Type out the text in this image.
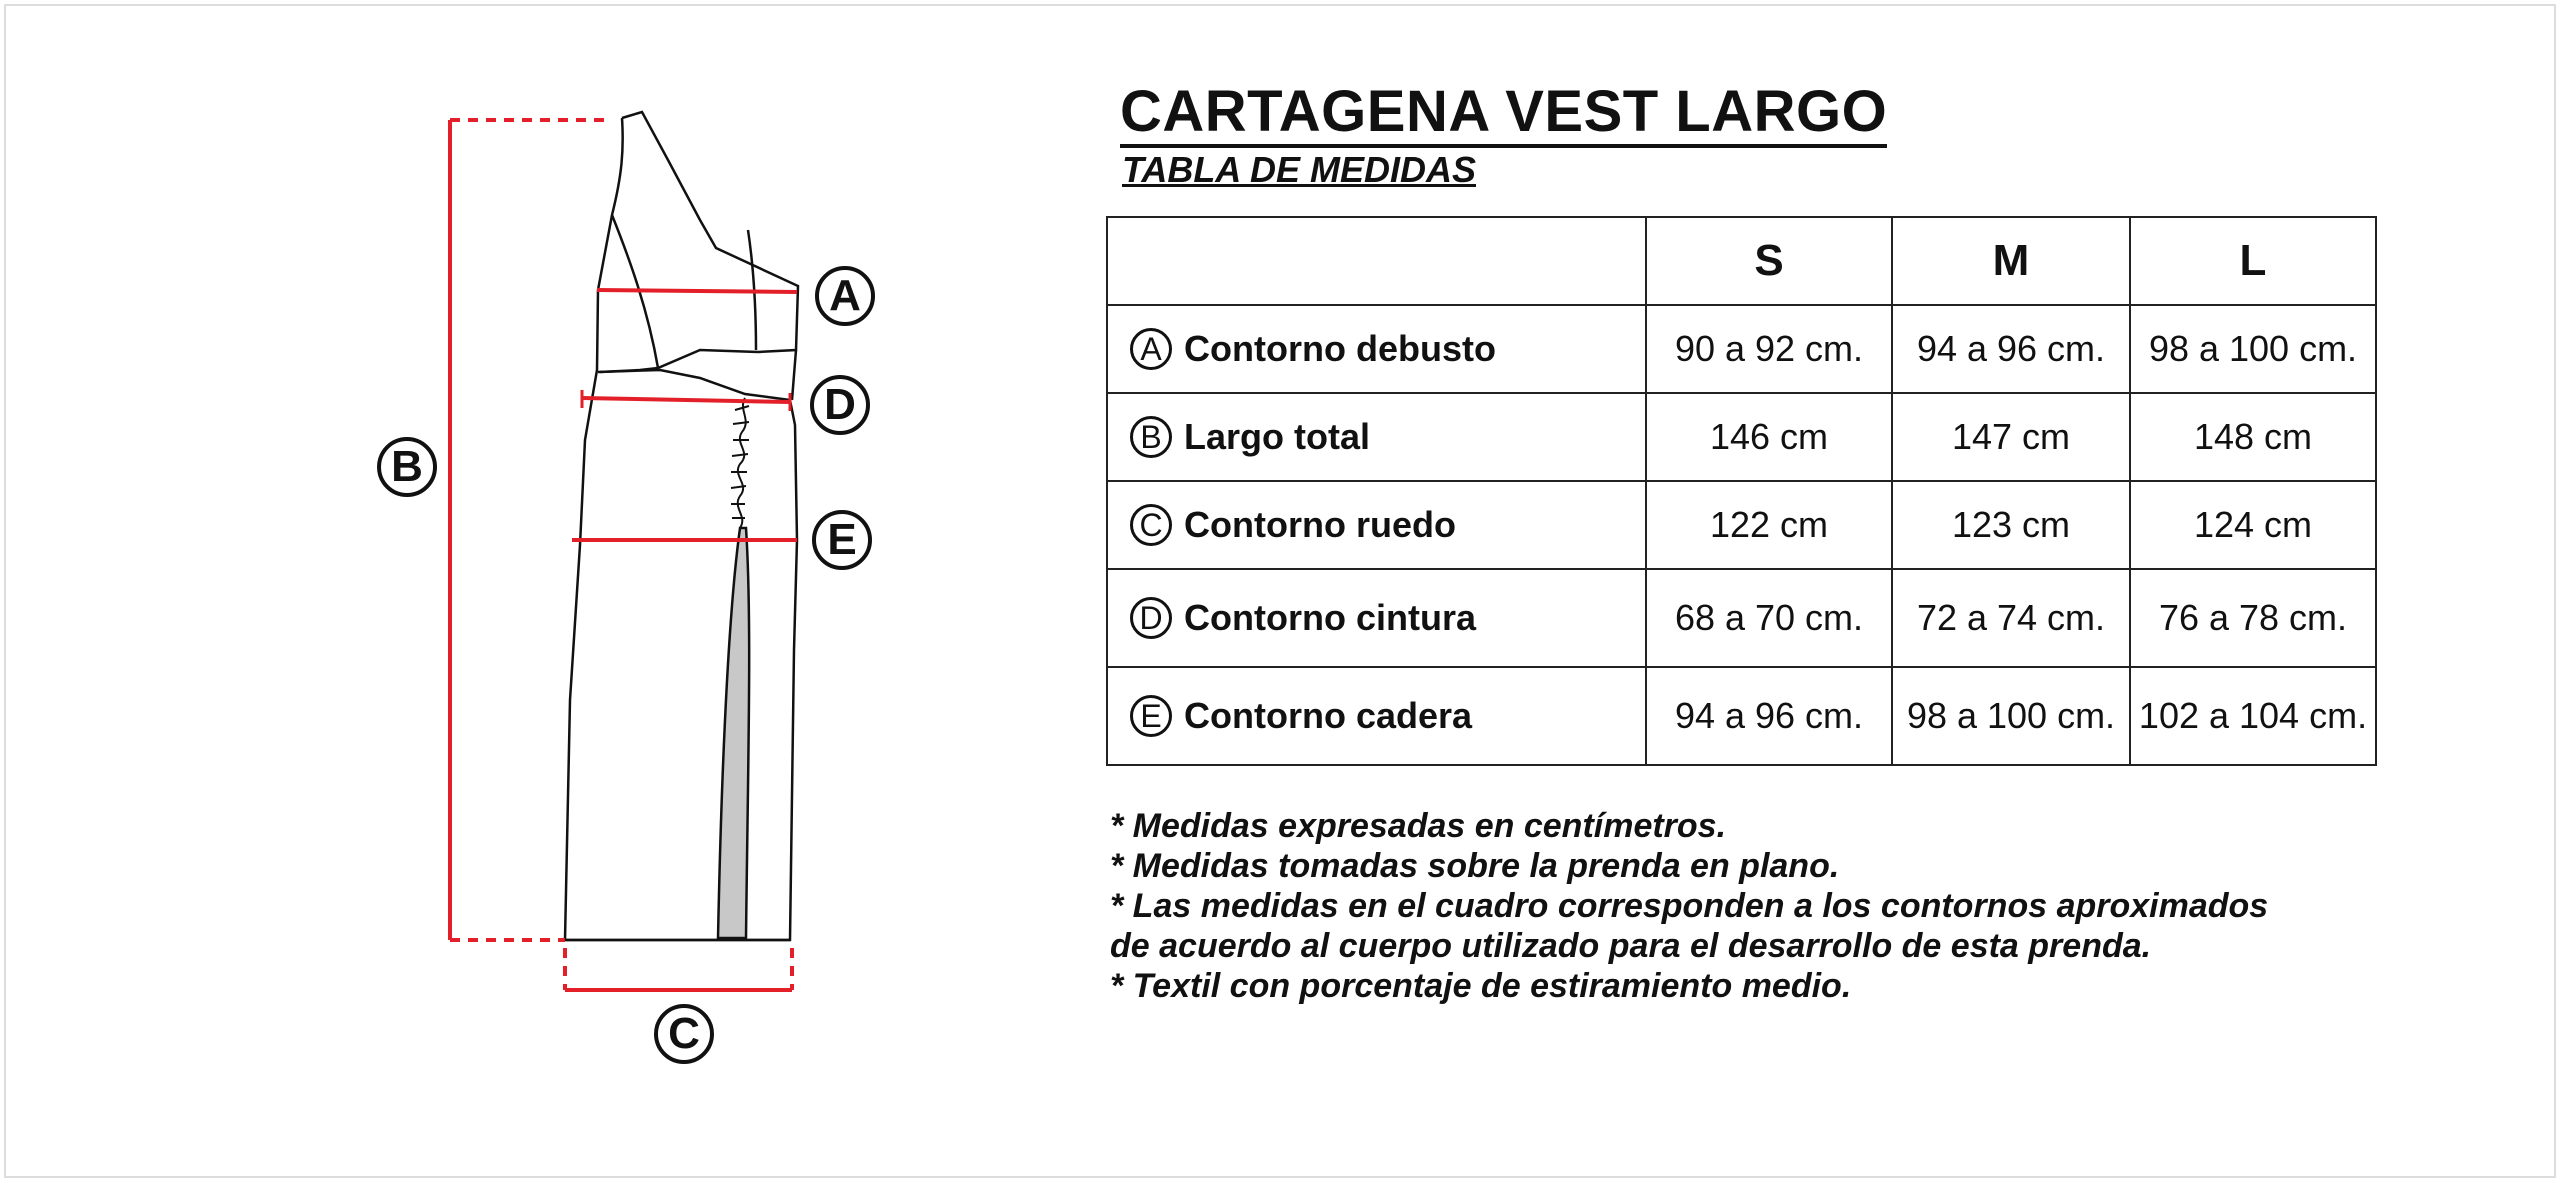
A
D
E
B
C
CARTAGENA VEST LARGO
TABLA DE MEDIDAS
	S	M	L

A Contorno debusto	90 a 92 cm.	94 a 96 cm.	98 a 100 cm.

B Largo total	146 cm	147 cm	148 cm

C Contorno ruedo	122 cm	123 cm	124 cm

D Contorno cintura	68 a 70 cm.	72 a 74 cm.	76 a 78 cm.

E Contorno cadera	94 a 96 cm.	98 a 100 cm.	102 a 104 cm.

* Medidas expresadas en centímetros.

* Medidas tomadas sobre la prenda en plano.

* Las medidas en el cuadro corresponden a los contornos aproximados de acuerdo al cuerpo utilizado para el desarrollo de esta prenda.

* Textil con porcentaje de estiramiento medio.
